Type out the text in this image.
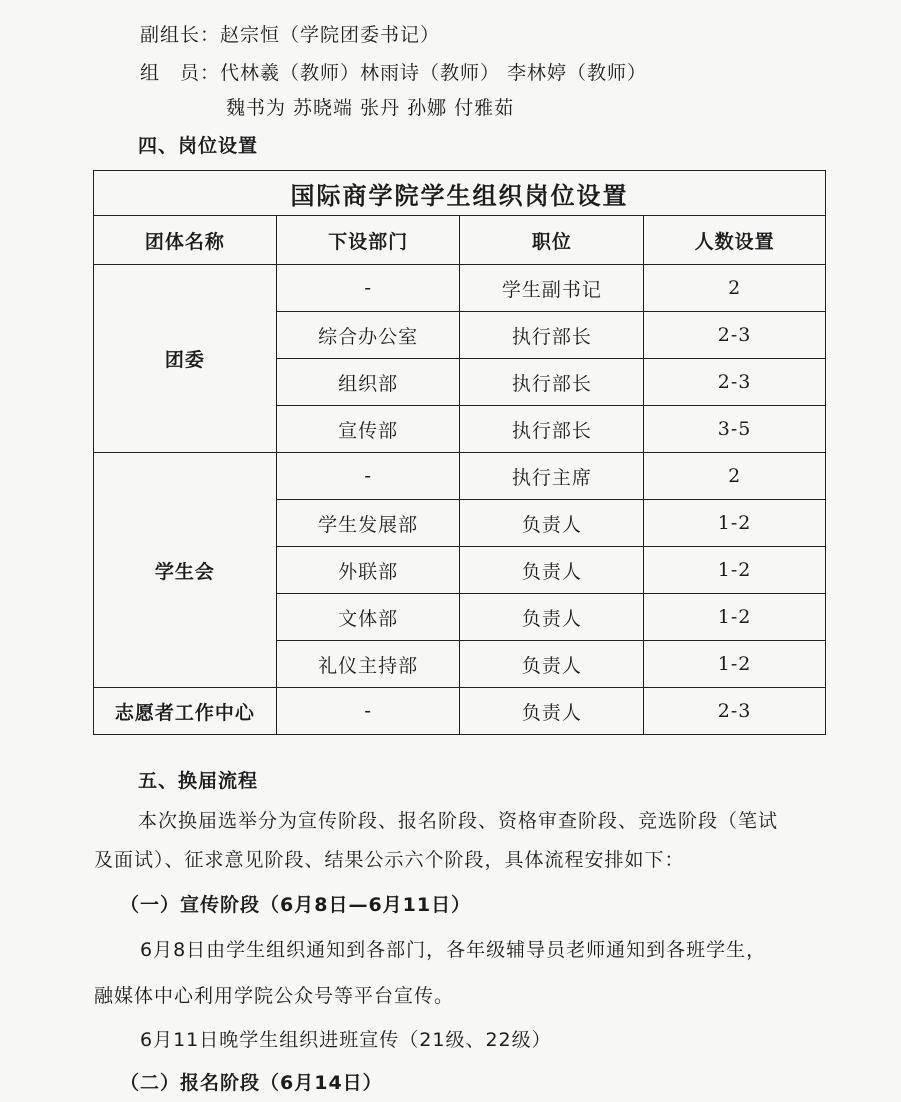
副组长：赵宗恒（学院团委书记）
组　员：代林羲（教师）林雨诗（教师） 李林婷（教师）
魏书为 苏晓端 张丹 孙娜 付雅茹
四、岗位设置
国际商学院学生组织岗位设置			
团体名称	下设部门	职位	人数设置
团委	-	学生副书记	2
	综合办公室	执行部长	2-3
	组织部	执行部长	2-3
	宣传部	执行部长	3-5
学生会	-	执行主席	2
	学生发展部	负责人	1-2
	外联部	负责人	1-2
	文体部	负责人	1-2
	礼仪主持部	负责人	1-2
志愿者工作中心	-	负责人	2-3
五、换届流程
本次换届选举分为宣传阶段、报名阶段、资格审查阶段、竞选阶段（笔试
及面试）、征求意见阶段、结果公示六个阶段，具体流程安排如下：
（一）宣传阶段（6月8日—6月11日）
6月8日由学生组织通知到各部门，各年级辅导员老师通知到各班学生，
融媒体中心利用学院公众号等平台宣传。
6月11日晚学生组织进班宣传（21级、22级）
（二）报名阶段（6月14日）
